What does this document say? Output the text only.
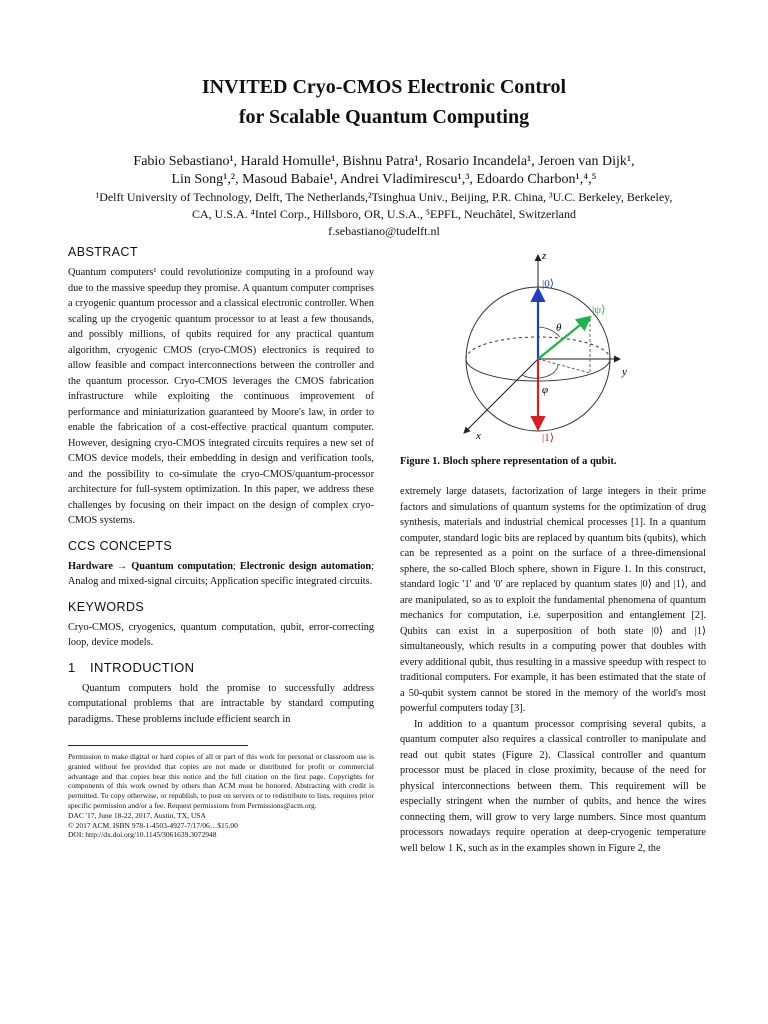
INVITED Cryo-CMOS Electronic Control
for Scalable Quantum Computing
Fabio Sebastiano¹, Harald Homulle¹, Bishnu Patra¹, Rosario Incandela¹, Jeroen van Dijk¹,
Lin Song¹,², Masoud Babaie¹, Andrei Vladimirescu¹,³, Edoardo Charbon¹,⁴,⁵
¹Delft University of Technology, Delft, The Netherlands,²Tsinghua Univ., Beijing, P.R. China, ³U.C. Berkeley, Berkeley,
CA, U.S.A. ⁴Intel Corp., Hillsboro, OR, U.S.A., ⁵EPFL, Neuchâtel, Switzerland
f.sebastiano@tudelft.nl
ABSTRACT

Quantum computers¹ could revolutionize computing in a profound way due to the massive speedup they promise. A quantum computer comprises a cryogenic quantum processor and a classical electronic controller. When scaling up the cryogenic quantum processor to at least a few thousands, and possibly millions, of qubits required for any practical quantum algorithm, cryogenic CMOS (cryo-CMOS) electronics is required to allow feasible and compact interconnections between the controller and the quantum processor. Cryo-CMOS leverages the CMOS fabrication infrastructure while exploiting the continuous improvement of performance and miniaturization guaranteed by Moore's law, in order to enable the fabrication of a cost-effective practical quantum computer. However, designing cryo-CMOS integrated circuits requires a new set of CMOS device models, their embedding in design and verification tools, and the possibility to co-simulate the cryo-CMOS/quantum-processor architecture for full-system optimization. In this paper, we address these challenges by focusing on their impact on the design of complex cryo-CMOS systems.

CCS CONCEPTS

Hardware → Quantum computation; Electronic design automation; Analog and mixed-signal circuits; Application specific integrated circuits.

KEYWORDS

Cryo-CMOS, cryogenics, quantum computation, qubit, error-correcting loop, device models.

1 INTRODUCTION

Quantum computers hold the promise to successfully address computational problems that are intractable by standard computing paradigms. These problems include efficient search in

Permission to make digital or hard copies of all or part of this work for personal or classroom use is granted without fee provided that copies are not made or distributed for profit or commercial advantage and that copies bear this notice and the full citation on the first page. Copyrights for components of this work owned by others than ACM must be honored. Abstracting with credit is permitted. To copy otherwise, or republish, to post on servers or to redistribute to lists, requires prior specific permission and/or a fee. Request permissions from Permissions@acm.org.
DAC '17, June 18-22, 2017, Austin, TX, USA
© 2017 ACM. ISBN 978-1-4503-4927-7/17/06…$15.00
DOI: http://dx.doi.org/10.1145/3061639.3072948
z
y
x
|0⟩
|1⟩
|ψ⟩
θ
φ
Figure 1. Bloch sphere representation of a qubit.

extremely large datasets, factorization of large integers in their prime factors and simulations of quantum systems for the optimization of drug synthesis, materials and industrial chemical processes [1]. In a quantum computer, standard logic bits are replaced by quantum bits (qubits), which can be represented as a point on the surface of a three-dimensional sphere, the so-called Bloch sphere, shown in Figure 1. In this construct, standard logic '1' and '0' are replaced by quantum states |0⟩ and |1⟩, and are manipulated, so as to exploit the fundamental phenomena of quantum mechanics for computation, i.e. superposition and entanglement [2]. Qubits can exist in a superposition of both state |0⟩ and |1⟩ simultaneously, which results in a computing power that doubles with every additional qubit, thus resulting in a massive speedup with respect to traditional computers. For example, it has been estimated that the state of a 50-qubit system cannot be stored in the memory of the world's most powerful computers today [3].

In addition to a quantum processor comprising several qubits, a quantum computer also requires a classical controller to manipulate and read out qubit states (Figure 2). Classical controller and quantum processor must be placed in close proximity, because of the need for physical interconnections between them. This requirement will be especially stringent when the number of qubits, and hence the wires connecting them, will grow to very large numbers. Since most quantum processors nowadays require operation at deep-cryogenic temperature well below 1 K, such as in the examples shown in Figure 2, the
